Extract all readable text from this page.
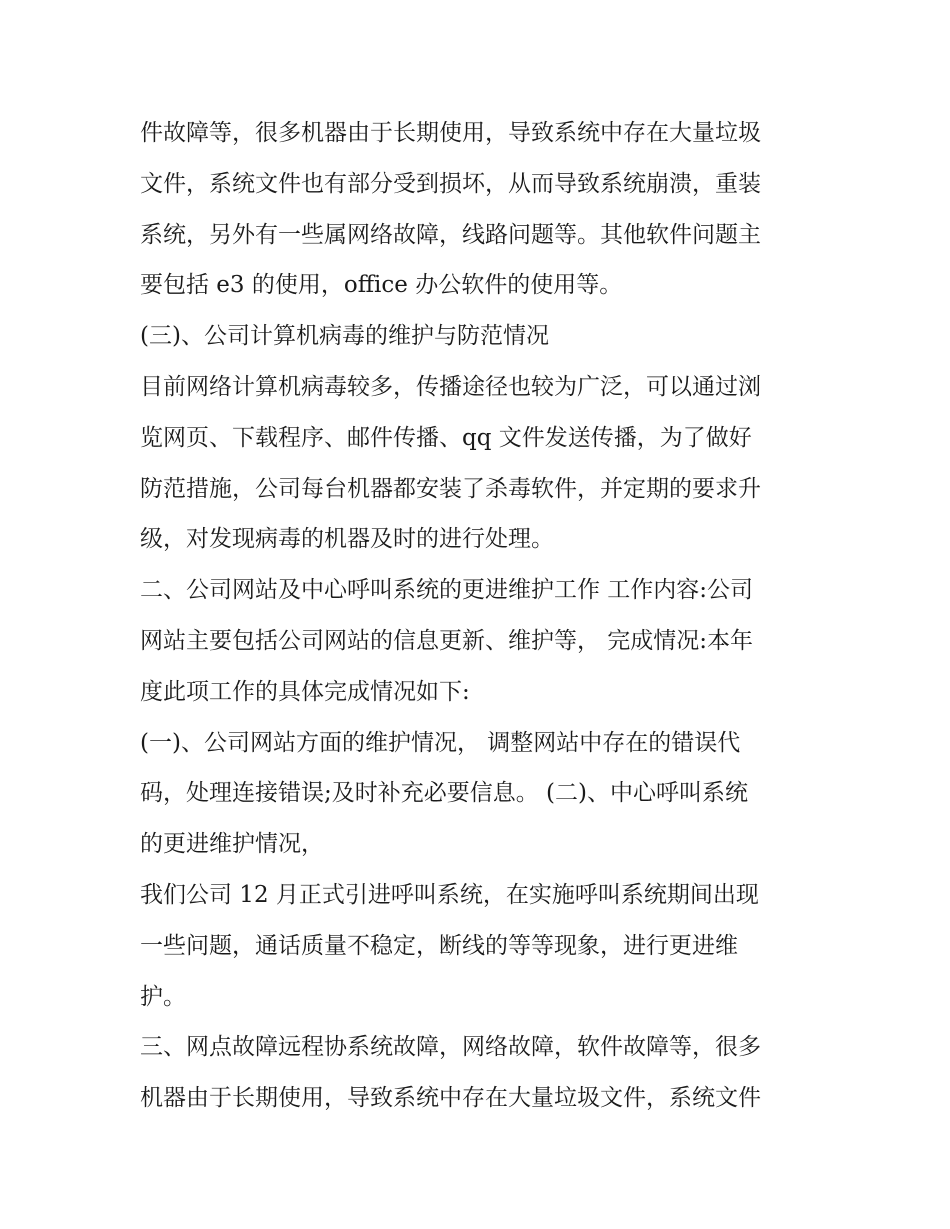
件故障等，很多机器由于长期使用，导致系统中存在大量垃圾
文件，系统文件也有部分受到损坏，从而导致系统崩溃，重装
系统，另外有一些属网络故障，线路问题等。其他软件问题主
要包括 e3 的使用，office 办公软件的使用等。
(三)、公司计算机病毒的维护与防范情况
目前网络计算机病毒较多，传播途径也较为广泛，可以通过浏
览网页、下载程序、邮件传播、qq 文件发送传播，为了做好
防范措施，公司每台机器都安装了杀毒软件，并定期的要求升
级，对发现病毒的机器及时的进行处理。
二、公司网站及中心呼叫系统的更进维护工作 工作内容:公司
网站主要包括公司网站的信息更新、维护等， 完成情况:本年
度此项工作的具体完成情况如下:
(一)、公司网站方面的维护情况， 调整网站中存在的错误代
码，处理连接错误;及时补充必要信息。 (二)、中心呼叫系统
的更进维护情况，
我们公司 12 月正式引进呼叫系统，在实施呼叫系统期间出现
一些问题，通话质量不稳定，断线的等等现象，进行更进维
护。
三、网点故障远程协系统故障，网络故障，软件故障等，很多
机器由于长期使用，导致系统中存在大量垃圾文件，系统文件
